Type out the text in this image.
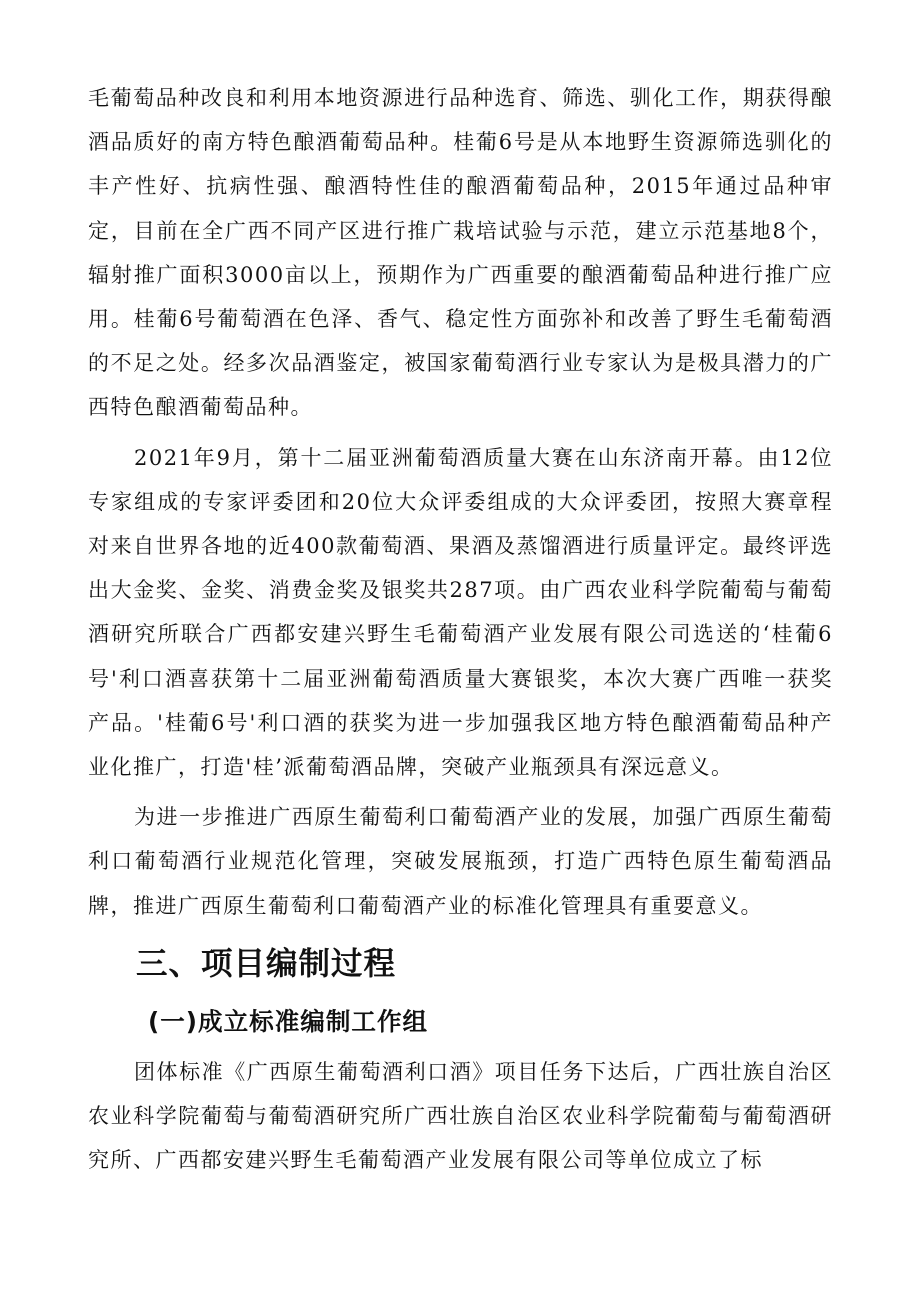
毛葡萄品种改良和利用本地资源进行品种选育、筛选、驯化工作，期获得酿酒品质好的南方特色酿酒葡萄品种。桂葡6号是从本地野生资源筛选驯化的丰产性好、抗病性强、酿酒特性佳的酿酒葡萄品种，2015年通过品种审定，目前在全广西不同产区进行推广栽培试验与示范，建立示范基地8个，辐射推广面积3000亩以上，预期作为广西重要的酿酒葡萄品种进行推广应用。桂葡6号葡萄酒在色泽、香气、稳定性方面弥补和改善了野生毛葡萄酒的不足之处。经多次品酒鉴定，被国家葡萄酒行业专家认为是极具潜力的广西特色酿酒葡萄品种。

2021年9月，第十二届亚洲葡萄酒质量大赛在山东济南开幕。由12位专家组成的专家评委团和20位大众评委组成的大众评委团，按照大赛章程对来自世界各地的近400款葡萄酒、果酒及蒸馏酒进行质量评定。最终评选出大金奖、金奖、消费金奖及银奖共287项。由广西农业科学院葡萄与葡萄酒研究所联合广西都安建兴野生毛葡萄酒产业发展有限公司选送的‘桂葡6号'利口酒喜获第十二届亚洲葡萄酒质量大赛银奖，本次大赛广西唯一获奖产品。'桂葡6号'利口酒的获奖为进一步加强我区地方特色酿酒葡萄品种产业化推广，打造'桂’派葡萄酒品牌，突破产业瓶颈具有深远意义。

为进一步推进广西原生葡萄利口葡萄酒产业的发展，加强广西原生葡萄利口葡萄酒行业规范化管理，突破发展瓶颈，打造广西特色原生葡萄酒品牌，推进广西原生葡萄利口葡萄酒产业的标准化管理具有重要意义。

三、项目编制过程
(一)成立标准编制工作组

团体标准《广西原生葡萄酒利口酒》项目任务下达后，广西壮族自治区农业科学院葡萄与葡萄酒研究所广西壮族自治区农业科学院葡萄与葡萄酒研究所、广西都安建兴野生毛葡萄酒产业发展有限公司等单位成立了标
